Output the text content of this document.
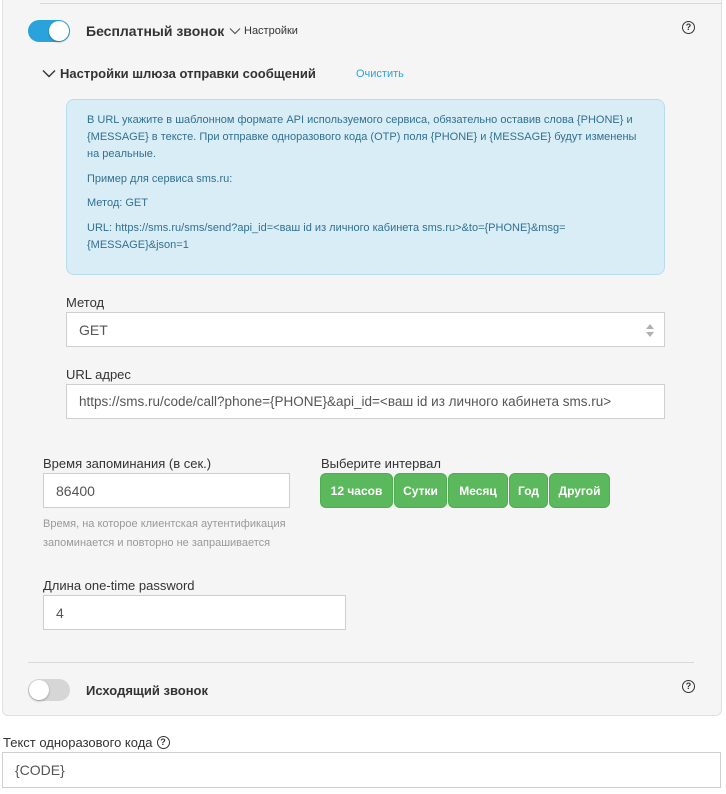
Бесплатный звонок Настройки	?
Настройки шлюза отправки сообщений	Очистить

В URL укажите в шаблонном формате API используемого сервиса, обязательно оставив слова {PHONE} и {MESSAGE} в тексте. При отправке одноразового кода (OTP) поля {PHONE} и {MESSAGE} будут изменены на реальные.

Пример для сервиса sms.ru:

Метод: GET

URL: https://sms.ru/sms/send?api_id=<ваш id из личного кабинета sms.ru>&to={PHONE}&msg={MESSAGE}&json=1

Метод
GET
URL адрес
https://sms.ru/code/call?phone={PHONE}&api_id=<ваш id из личного кабинета sms.ru>
Время запоминания (в сек.)
86400
Время, на которое клиентская аутентификация запоминается и повторно не запрашивается
Выберите интервал
12 часов	Сутки	Месяц	Год	Другой
Длина one-time password
4
Исходящий звонок	?
Текст одноразового кода ?
{CODE}
